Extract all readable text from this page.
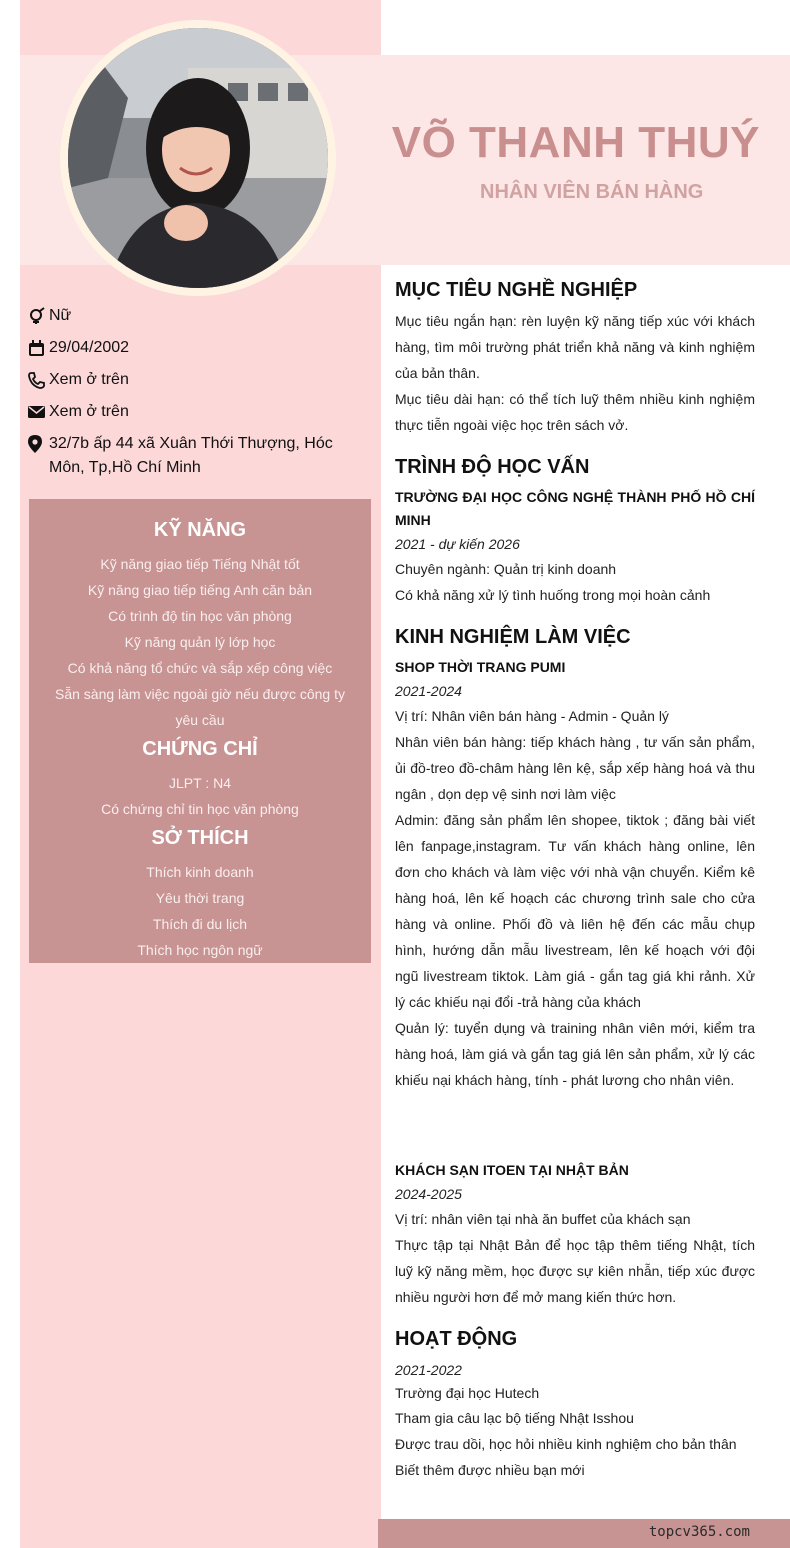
VÕ THANH THUÝ
NHÂN VIÊN BÁN HÀNG
Nữ
29/04/2002
Xem ở trên
Xem ở trên
32/7b ấp 44 xã Xuân Thới Thượng, Hóc Môn, Tp,Hồ Chí Minh
KỸ NĂNG
Kỹ năng giao tiếp Tiếng Nhật tốt
Kỹ năng giao tiếp tiếng Anh căn bản
Có trình độ tin học văn phòng
Kỹ năng quản lý lớp học
Có khả năng tổ chức và sắp xếp công việc
Sẵn sàng làm việc ngoài giờ nếu được công ty yêu cầu
CHỨNG CHỈ
JLPT : N4
Có chứng chỉ tin học văn phòng
SỞ THÍCH
Thích kinh doanh
Yêu thời trang
Thích đi du lịch
Thích học ngôn ngữ
MỤC TIÊU NGHỀ NGHIỆP
Mục tiêu ngắn hạn: rèn luyện kỹ năng tiếp xúc với khách hàng, tìm môi trường phát triển khả năng và kinh nghiệm của bản thân.
Mục tiêu dài hạn: có thể tích luỹ thêm nhiều kinh nghiệm thực tiễn ngoài việc học trên sách vở.
TRÌNH ĐỘ HỌC VẤN
TRƯỜNG ĐẠI HỌC CÔNG NGHỆ THÀNH PHỐ HỒ CHÍ MINH
2021 - dự kiến 2026
Chuyên ngành: Quản trị kinh doanh
Có khả năng xử lý tình huống trong mọi hoàn cảnh
KINH NGHIỆM LÀM VIỆC
SHOP THỜI TRANG PUMI
2021-2024
Vị trí: Nhân viên bán hàng - Admin - Quản lý
Nhân viên bán hàng: tiếp khách hàng , tư vấn sản phẩm, ủi đồ-treo đồ-châm hàng lên kệ, sắp xếp hàng hoá và thu ngân , dọn dẹp vệ sinh nơi làm việc
Admin: đăng sản phẩm lên shopee, tiktok ; đăng bài viết lên fanpage,instagram. Tư vấn khách hàng online, lên đơn cho khách và làm việc với nhà vận chuyển. Kiểm kê hàng hoá, lên kế hoạch các chương trình sale cho cửa hàng và online. Phối đồ và liên hệ đến các mẫu chụp hình, hướng dẫn mẫu livestream, lên kế hoạch với đội ngũ livestream tiktok. Làm giá - gắn tag giá khi rảnh. Xử lý các khiếu nại đổi -trả hàng của khách
Quản lý: tuyển dụng và training nhân viên mới, kiểm tra hàng hoá, làm giá và gắn tag giá lên sản phẩm, xử lý các khiếu nại khách hàng, tính - phát lương cho nhân viên.
KHÁCH SẠN ITOEN TẠI NHẬT BẢN
2024-2025
Vị trí: nhân viên tại nhà ăn buffet của khách sạn
Thực tập tại Nhật Bản để học tập thêm tiếng Nhật, tích luỹ kỹ năng mềm, học được sự kiên nhẫn, tiếp xúc được nhiều người hơn để mở mang kiến thức hơn.
HOẠT ĐỘNG
2021-2022
Trường đại học Hutech
Tham gia câu lạc bộ tiếng Nhật Isshou
Được trau dồi, học hỏi nhiều kinh nghiệm cho bản thân
Biết thêm được nhiều bạn mới
topcv365.com
